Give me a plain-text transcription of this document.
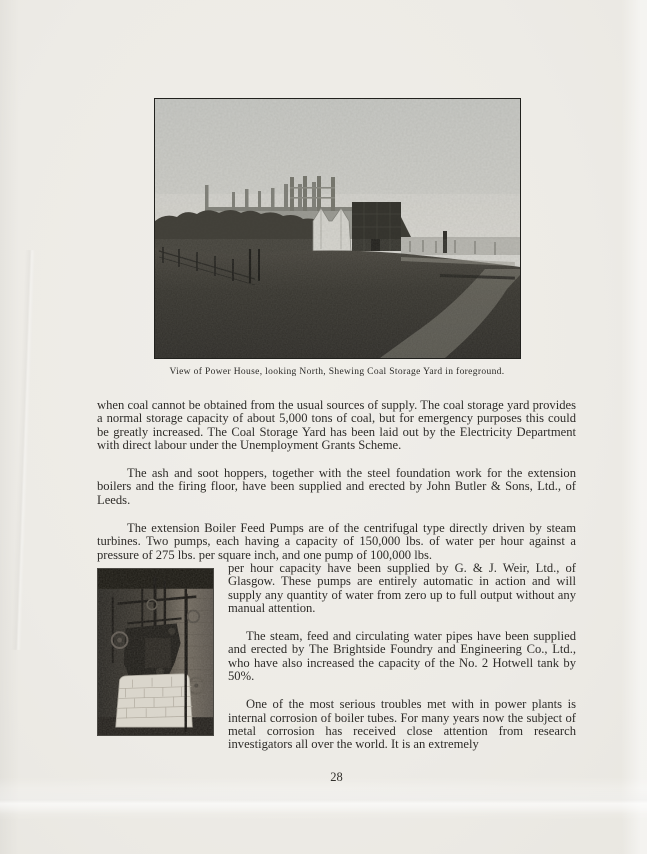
View of Power House, looking North, Shewing Coal Storage Yard in foreground.

when coal cannot be obtained from the usual sources of supply. The coal storage yard provides a normal storage capacity of about 5,000 tons of coal, but for emergency purposes this could be greatly increased. The Coal Storage Yard has been laid out by the Electricity Department with direct labour under the Unemployment Grants Scheme.

The ash and soot hoppers, together with the steel foundation work for the extension boilers and the firing floor, have been supplied and erected by John Butler & Sons, Ltd., of Leeds.

The extension Boiler Feed Pumps are of the centrifugal type directly driven by steam turbines. Two pumps, each having a capacity of 150,000 lbs. of water per hour against a pressure of 275 lbs. per square inch, and one pump of 100,000 lbs.

per hour capacity have been supplied by G. & J. Weir, Ltd., of Glasgow. These pumps are entirely automatic in action and will supply any quantity of water from zero up to full output without any manual attention.

The steam, feed and circulating water pipes have been supplied and erected by The Brightside Foundry and Engineering Co., Ltd., who have also increased the capacity of the No. 2 Hotwell tank by 50%.

One of the most serious troubles met with in power plants is internal corrosion of boiler tubes. For many years now the subject of metal corrosion has received close attention from research investigators all over the world. It is an extremely

28
